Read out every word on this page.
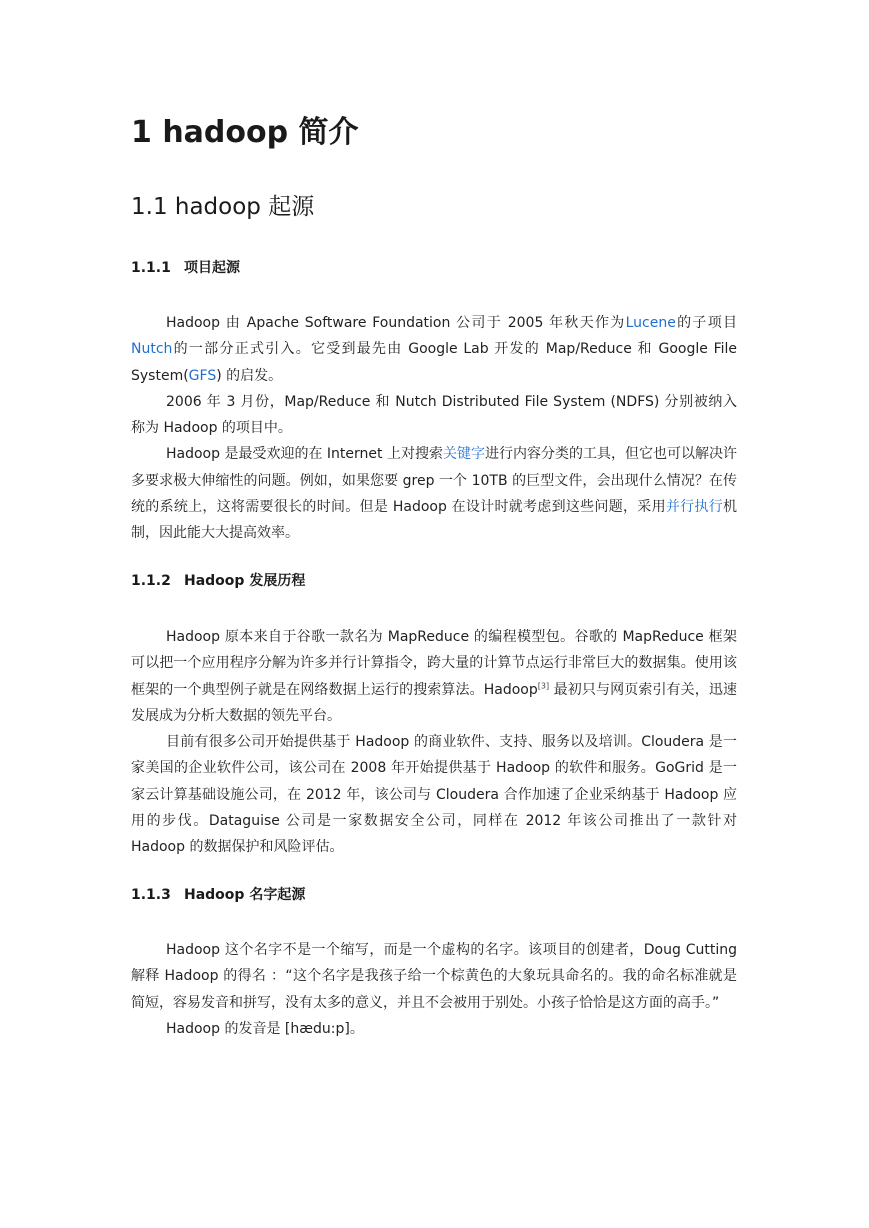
1 hadoop 简介
1.1 hadoop 起源
1.1.1 项目起源

Hadoop 由 Apache Software Foundation 公司于 2005 年秋天作为Lucene的子项目Nutch的一部分正式引入。它受到最先由 Google Lab 开发的 Map/Reduce 和 Google File System(GFS) 的启发。

2006 年 3 月份，Map/Reduce 和 Nutch Distributed File System (NDFS) 分别被纳入称为 Hadoop 的项目中。

Hadoop 是最受欢迎的在 Internet 上对搜索关键字进行内容分类的工具，但它也可以解决许多要求极大伸缩性的问题。例如，如果您要 grep 一个 10TB 的巨型文件，会出现什么情况？在传统的系统上，这将需要很长的时间。但是 Hadoop 在设计时就考虑到这些问题，采用并行执行机制，因此能大大提高效率。

1.1.2 Hadoop 发展历程

Hadoop 原本来自于谷歌一款名为 MapReduce 的编程模型包。谷歌的 MapReduce 框架可以把一个应用程序分解为许多并行计算指令，跨大量的计算节点运行非常巨大的数据集。使用该框架的一个典型例子就是在网络数据上运行的搜索算法。Hadoop[3] 最初只与网页索引有关，迅速发展成为分析大数据的领先平台。

目前有很多公司开始提供基于 Hadoop 的商业软件、支持、服务以及培训。Cloudera 是一家美国的企业软件公司，该公司在 2008 年开始提供基于 Hadoop 的软件和服务。GoGrid 是一家云计算基础设施公司，在 2012 年，该公司与 Cloudera 合作加速了企业采纳基于 Hadoop 应用的步伐。Dataguise 公司是一家数据安全公司，同样在 2012 年该公司推出了一款针对 Hadoop 的数据保护和风险评估。

1.1.3 Hadoop 名字起源

Hadoop 这个名字不是一个缩写，而是一个虚构的名字。该项目的创建者，Doug Cutting 解释 Hadoop 的得名 ：“这个名字是我孩子给一个棕黄色的大象玩具命名的。我的命名标准就是简短，容易发音和拼写，没有太多的意义，并且不会被用于别处。小孩子恰恰是这方面的高手。”

Hadoop 的发音是 [hædu:p]。
